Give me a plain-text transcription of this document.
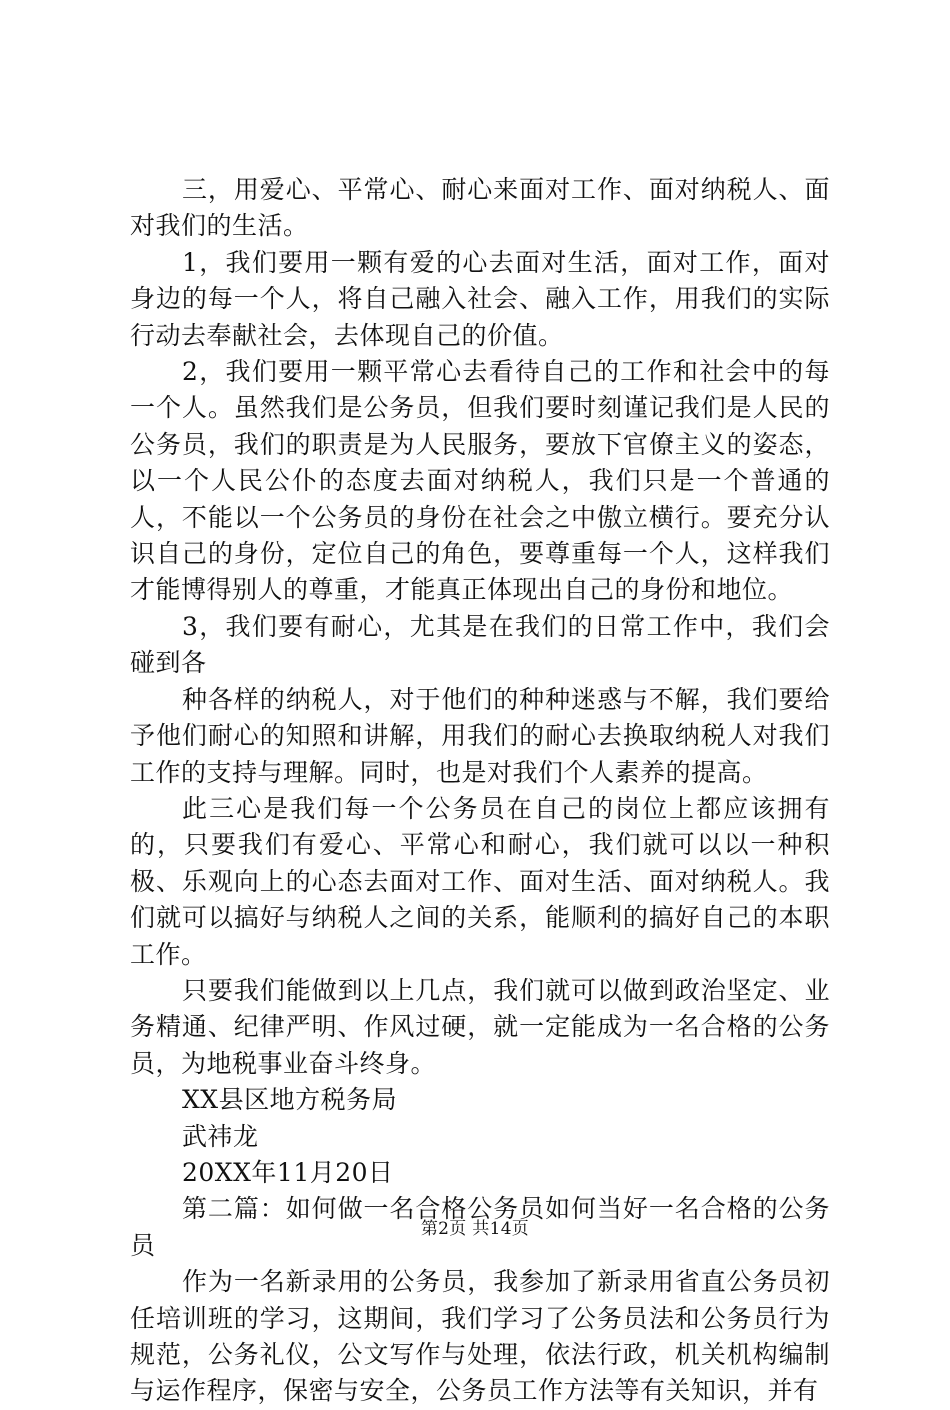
三，用爱心、平常心、耐心来面对工作、面对纳税人、面对我们的生活。

1，我们要用一颗有爱的心去面对生活，面对工作，面对身边的每一个人，将自己融入社会、融入工作，用我们的实际行动去奉献社会，去体现自己的价值。

2，我们要用一颗平常心去看待自己的工作和社会中的每一个人。虽然我们是公务员，但我们要时刻谨记我们是人民的公务员，我们的职责是为人民服务，要放下官僚主义的姿态，以一个人民公仆的态度去面对纳税人，我们只是一个普通的人，不能以一个公务员的身份在社会之中傲立横行。要充分认识自己的身份，定位自己的角色，要尊重每一个人，这样我们才能博得别人的尊重，才能真正体现出自己的身份和地位。

3，我们要有耐心，尤其是在我们的日常工作中，我们会碰到各

种各样的纳税人，对于他们的种种迷惑与不解，我们要给予他们耐心的知照和讲解，用我们的耐心去换取纳税人对我们工作的支持与理解。同时，也是对我们个人素养的提高。

此三心是我们每一个公务员在自己的岗位上都应该拥有的，只要我们有爱心、平常心和耐心，我们就可以以一种积极、乐观向上的心态去面对工作、面对生活、面对纳税人。我们就可以搞好与纳税人之间的关系，能顺利的搞好自己的本职工作。

只要我们能做到以上几点，我们就可以做到政治坚定、业务精通、纪律严明、作风过硬，就一定能成为一名合格的公务员，为地税事业奋斗终身。

XX县区地方税务局

武祎龙

20XX年11月20日

第二篇：如何做一名合格公务员如何当好一名合格的公务员

作为一名新录用的公务员，我参加了新录用省直公务员初任培训班的学习，这期间，我们学习了公务员法和公务员行为规范，公务礼仪，公文写作与处理，依法行政，机关机构编制与运作程序，保密与安全，公务员工作方法等有关知识，并有

第2页 共14页
